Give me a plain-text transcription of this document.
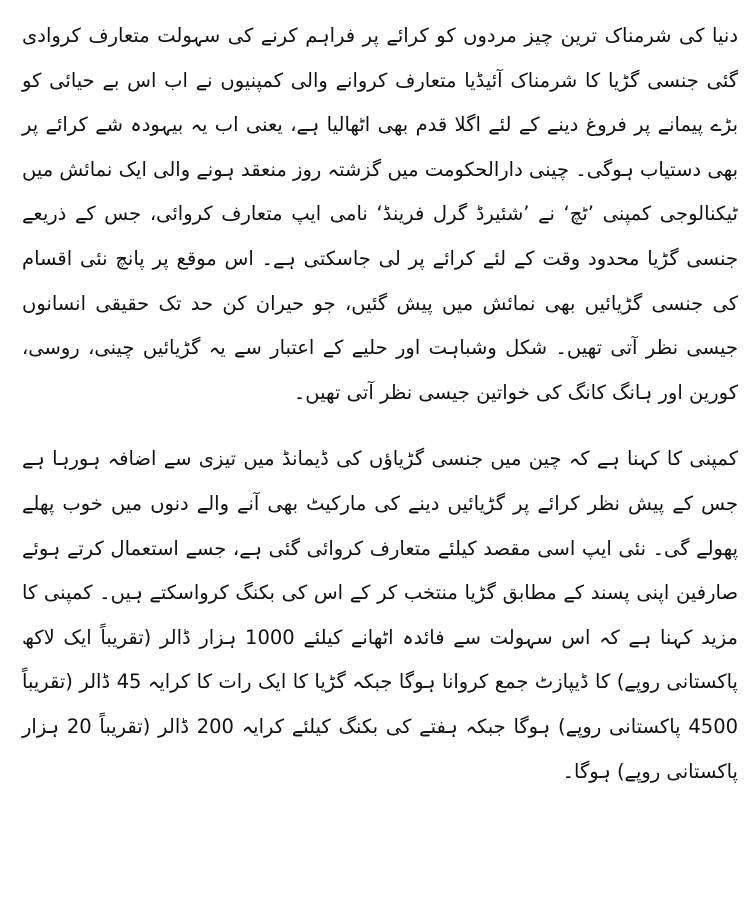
دنیا کی شرمناک ترین چیز مردوں کو کرائے پر فراہم کرنے کی سہولت متعارف کروادی گئی جنسی گڑیا کا شرمناک آئیڈیا متعارف کروانے والی کمپنیوں نے اب اس بے حیائی کو بڑے پیمانے پر فروغ دینے کے لئے اگلا قدم بھی اٹھالیا ہے، یعنی اب یہ بیہودہ شے کرائے پر بھی دستیاب ہوگی۔ چینی دارالحکومت میں گزشتہ روز منعقد ہونے والی ایک نمائش میں ٹیکنالوجی کمپنی ’ٹچ‘ نے ’شئیرڈ گرل فرینڈ‘ نامی ایپ متعارف کروائی، جس کے ذریعے جنسی گڑیا محدود وقت کے لئے کرائے پر لی جاسکتی ہے۔ اس موقع پر پانچ نئی اقسام کی جنسی گڑیائیں بھی نمائش میں پیش گئیں، جو حیران کن حد تک حقیقی انسانوں جیسی نظر آتی تھیں۔ شکل وشباہت اور حلیے کے اعتبار سے یہ گڑیائیں چینی، روسی، کورین اور ہانگ کانگ کی خواتین جیسی نظر آتی تھیں۔

کمپنی کا کہنا ہے کہ چین میں جنسی گڑیاؤں کی ڈیمانڈ میں تیزی سے اضافہ ہورہا ہے جس کے پیش نظر کرائے پر گڑیائیں دینے کی مارکیٹ بھی آنے والے دنوں میں خوب پھلے پھولے گی۔ نئی ایپ اسی مقصد کیلئے متعارف کروائی گئی ہے، جسے استعمال کرتے ہوئے صارفین اپنی پسند کے مطابق گڑیا منتخب کر کے اس کی بکنگ کرواسکتے ہیں۔ کمپنی کا مزید کہنا ہے کہ اس سہولت سے فائدہ اٹھانے کیلئے 1000 ہزار ڈالر (تقریباً ایک لاکھ پاکستانی روپے) کا ڈیپازٹ جمع کروانا ہوگا جبکہ گڑیا کا ایک رات کا کرایہ 45 ڈالر (تقریباً 4500 پاکستانی روپے) ہوگا جبکہ ہفتے کی بکنگ کیلئے کرایہ 200 ڈالر (تقریباً 20 ہزار پاکستانی روپے) ہوگا۔
